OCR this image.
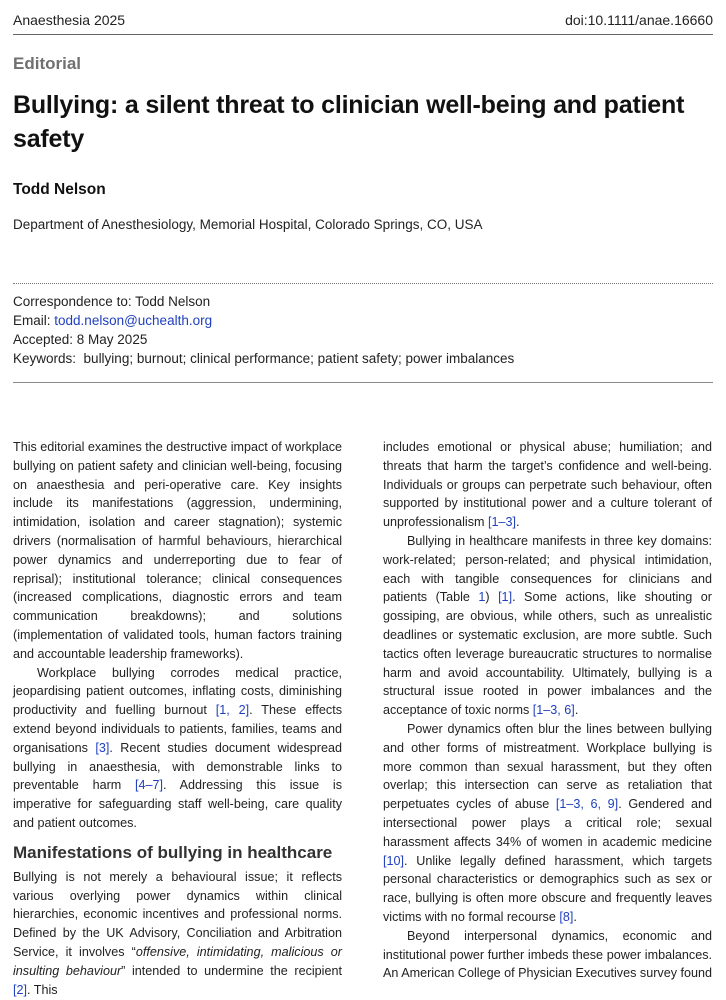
Anaesthesia 2025	doi:10.1111/anae.16660
Editorial
Bullying: a silent threat to clinician well-being and patient safety
Todd Nelson
Department of Anesthesiology, Memorial Hospital, Colorado Springs, CO, USA
Correspondence to: Todd Nelson
Email: todd.nelson@uchealth.org
Accepted: 8 May 2025
Keywords: bullying; burnout; clinical performance; patient safety; power imbalances

This editorial examines the destructive impact of workplace bullying on patient safety and clinician well-being, focusing on anaesthesia and peri-operative care. Key insights include its manifestations (aggression, undermining, intimidation, isolation and career stagnation); systemic drivers (normalisation of harmful behaviours, hierarchical power dynamics and underreporting due to fear of reprisal); institutional tolerance; clinical consequences (increased complications, diagnostic errors and team communication breakdowns); and solutions (implementation of validated tools, human factors training and accountable leadership frameworks).

Workplace bullying corrodes medical practice, jeopardising patient outcomes, inflating costs, diminishing productivity and fuelling burnout [1, 2]. These effects extend beyond individuals to patients, families, teams and organisations [3]. Recent studies document widespread bullying in anaesthesia, with demonstrable links to preventable harm [4–7]. Addressing this issue is imperative for safeguarding staff well-being, care quality and patient outcomes.

Manifestations of bullying in healthcare

Bullying is not merely a behavioural issue; it reflects various overlying power dynamics within clinical hierarchies, economic incentives and professional norms. Defined by the UK Advisory, Conciliation and Arbitration Service, it involves “offensive, intimidating, malicious or insulting behaviour” intended to undermine the recipient [2]. This

includes emotional or physical abuse; humiliation; and threats that harm the target’s confidence and well-being. Individuals or groups can perpetrate such behaviour, often supported by institutional power and a culture tolerant of unprofessionalism [1–3].

Bullying in healthcare manifests in three key domains: work-related; person-related; and physical intimidation, each with tangible consequences for clinicians and patients (Table 1) [1]. Some actions, like shouting or gossiping, are obvious, while others, such as unrealistic deadlines or systematic exclusion, are more subtle. Such tactics often leverage bureaucratic structures to normalise harm and avoid accountability. Ultimately, bullying is a structural issue rooted in power imbalances and the acceptance of toxic norms [1–3, 6].

Power dynamics often blur the lines between bullying and other forms of mistreatment. Workplace bullying is more common than sexual harassment, but they often overlap; this intersection can serve as retaliation that perpetuates cycles of abuse [1–3, 6, 9]. Gendered and intersectional power plays a critical role; sexual harassment affects 34% of women in academic medicine [10]. Unlike legally defined harassment, which targets personal characteristics or demographics such as sex or race, bullying is often more obscure and frequently leaves victims with no formal recourse [8].

Beyond interpersonal dynamics, economic and institutional power further imbeds these power imbalances. An American College of Physician Executives survey found
